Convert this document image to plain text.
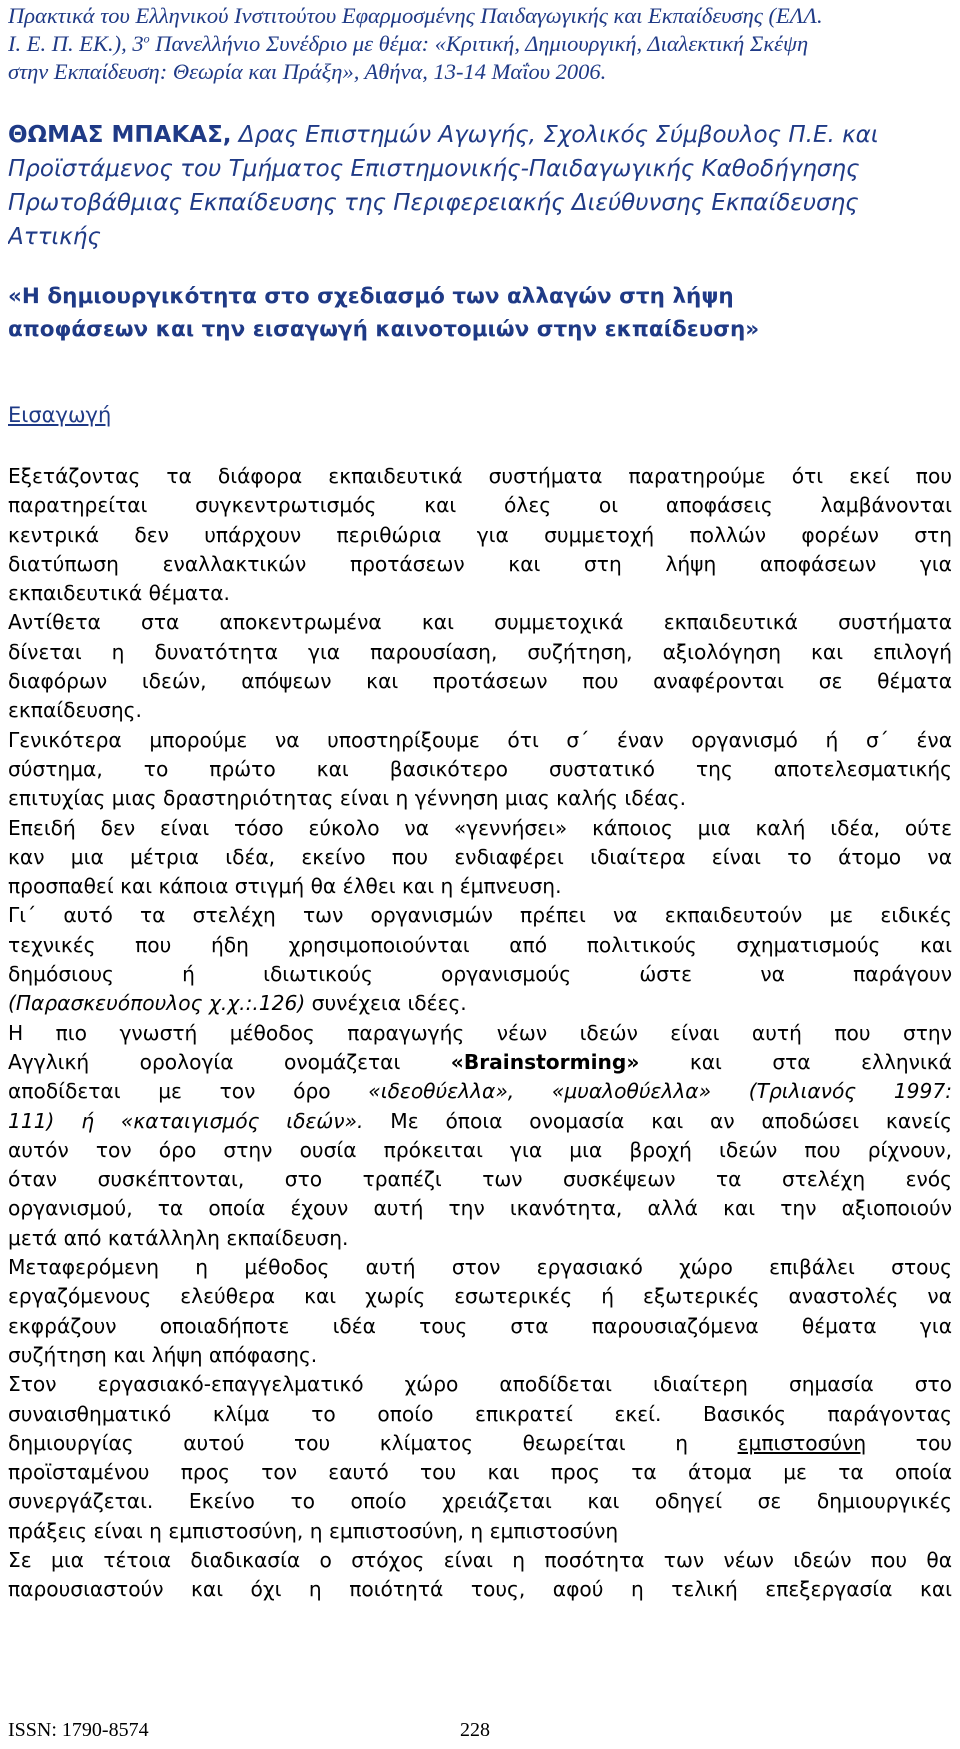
Πρακτικά του Ελληνικού Ινστιτούτου Εφαρμοσμένης Παιδαγωγικής και Εκπαίδευσης (ΕΛΛ.
Ι. Ε. Π. ΕΚ.), $3^o$ Πανελλήνιο Συνέδριο με θέμα: «Κριτική, Δημιουργική, Διαλεκτική Σκέψη
στην Εκπαίδευση: Θεωρία και Πράξη», Αθήνα, 13-14 Μαΐου 2006.
ΘΩΜΑΣ ΜΠΑΚΑΣ, Δρας Επιστημών Αγωγής, Σχολικός Σύμβουλος Π.Ε. και
Προϊστάμενος του Τμήματος Επιστημονικής-Παιδαγωγικής Καθοδήγησης
Πρωτοβάθμιας Εκπαίδευσης της Περιφερειακής Διεύθυνσης Εκπαίδευσης
Αττικής
«Η δημιουργικότητα στο σχεδιασμό των αλλαγών στη λήψη
αποφάσεων και την εισαγωγή καινοτομιών στην εκπαίδευση»
Εισαγωγή
Εξετάζοντας τα διάφορα εκπαιδευτικά συστήματα παρατηρούμε ότι εκεί που
παρατηρείται συγκεντρωτισμός και όλες οι αποφάσεις λαμβάνονται
κεντρικά δεν υπάρχουν περιθώρια για συμμετοχή πολλών φορέων στη
διατύπωση εναλλακτικών προτάσεων και στη λήψη αποφάσεων για
εκπαιδευτικά θέματα.
Αντίθετα στα αποκεντρωμένα και συμμετοχικά εκπαιδευτικά συστήματα
δίνεται η δυνατότητα για παρουσίαση, συζήτηση, αξιολόγηση και επιλογή
διαφόρων ιδεών, απόψεων και προτάσεων που αναφέρονται σε θέματα
εκπαίδευσης.
Γενικότερα μπορούμε να υποστηρίξουμε ότι σ΄ έναν οργανισμό ή σ΄ ένα
σύστημα, το πρώτο και βασικότερο συστατικό της αποτελεσματικής
επιτυχίας μιας δραστηριότητας είναι η γέννηση μιας καλής ιδέας.
Επειδή δεν είναι τόσο εύκολο να «γεννήσει» κάποιος μια καλή ιδέα, ούτε
καν μια μέτρια ιδέα, εκείνο που ενδιαφέρει ιδιαίτερα είναι το άτομο να
προσπαθεί και κάποια στιγμή θα έλθει και η έμπνευση.
Γι΄ αυτό τα στελέχη των οργανισμών πρέπει να εκπαιδευτούν με ειδικές
τεχνικές που ήδη χρησιμοποιούνται από πολιτικούς σχηματισμούς και
δημόσιους ή ιδιωτικούς οργανισμούς ώστε να παράγουν
(Παρασκευόπουλος χ.χ.:.126) συνέχεια ιδέες.
Η πιο γνωστή μέθοδος παραγωγής νέων ιδεών είναι αυτή που στην
Αγγλική ορολογία ονομάζεται «Brainstorming» και στα ελληνικά
αποδίδεται με τον όρο «ιδεοθύελλα», «μυαλοθύελλα» (Τριλιανός 1997:
111) ή «καταιγισμός ιδεών». Με όποια ονομασία και αν αποδώσει κανείς
αυτόν τον όρο στην ουσία πρόκειται για μια βροχή ιδεών που ρίχνουν,
όταν συσκέπτονται, στο τραπέζι των συσκέψεων τα στελέχη ενός
οργανισμού, τα οποία έχουν αυτή την ικανότητα, αλλά και την αξιοποιούν
μετά από κατάλληλη εκπαίδευση.
Μεταφερόμενη η μέθοδος αυτή στον εργασιακό χώρο επιβάλει στους
εργαζόμενους ελεύθερα και χωρίς εσωτερικές ή εξωτερικές αναστολές να
εκφράζουν οποιαδήποτε ιδέα τους στα παρουσιαζόμενα θέματα για
συζήτηση και λήψη απόφασης.
Στον εργασιακό-επαγγελματικό χώρο αποδίδεται ιδιαίτερη σημασία στο
συναισθηματικό κλίμα το οποίο επικρατεί εκεί. Βασικός παράγοντας
δημιουργίας αυτού του κλίματος θεωρείται η εμπιστοσύνη του
προϊσταμένου προς τον εαυτό του και προς τα άτομα με τα οποία
συνεργάζεται. Εκείνο το οποίο χρειάζεται και οδηγεί σε δημιουργικές
πράξεις είναι η εμπιστοσύνη, η εμπιστοσύνη, η εμπιστοσύνη
Σε μια τέτοια διαδικασία ο στόχος είναι η ποσότητα των νέων ιδεών που θα
παρουσιαστούν και όχι η ποιότητά τους, αφού η τελική επεξεργασία και
ISSN: 1790-8574	228
